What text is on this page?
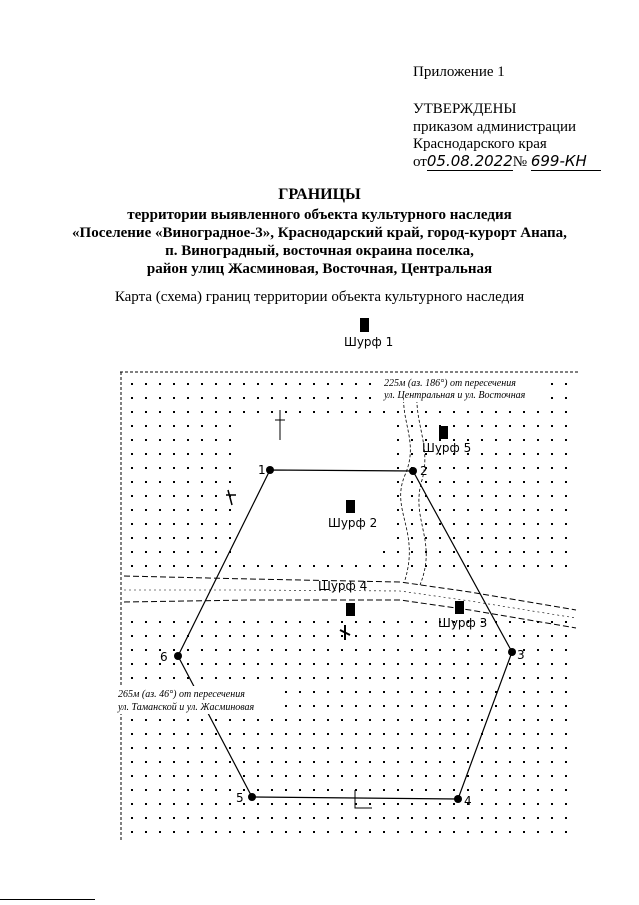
Приложение 1
УТВЕРЖДЕНЫ
приказом администрации
Краснодарского края
от05.08.2022№ 699-КН
ГРАНИЦЫ
территории выявленного объекта культурного наследия
«Поселение «Виноградное-3», Краснодарский край, город-курорт Анапа,
п. Виноградный, восточная окраина поселка,
район улиц Жасминовая, Восточная, Центральная
Карта (схема) границ территории объекта культурного наследия
1	2
3
4
5
6
Шурф 1
Шурф 5
Шурф 2
Шурф 4
Шурф 3
225м (аз. 186°) от пересечения
ул. Центральная и ул. Восточная
265м (аз. 46°) от пересечения
ул. Таманской и ул. Жасминовая
